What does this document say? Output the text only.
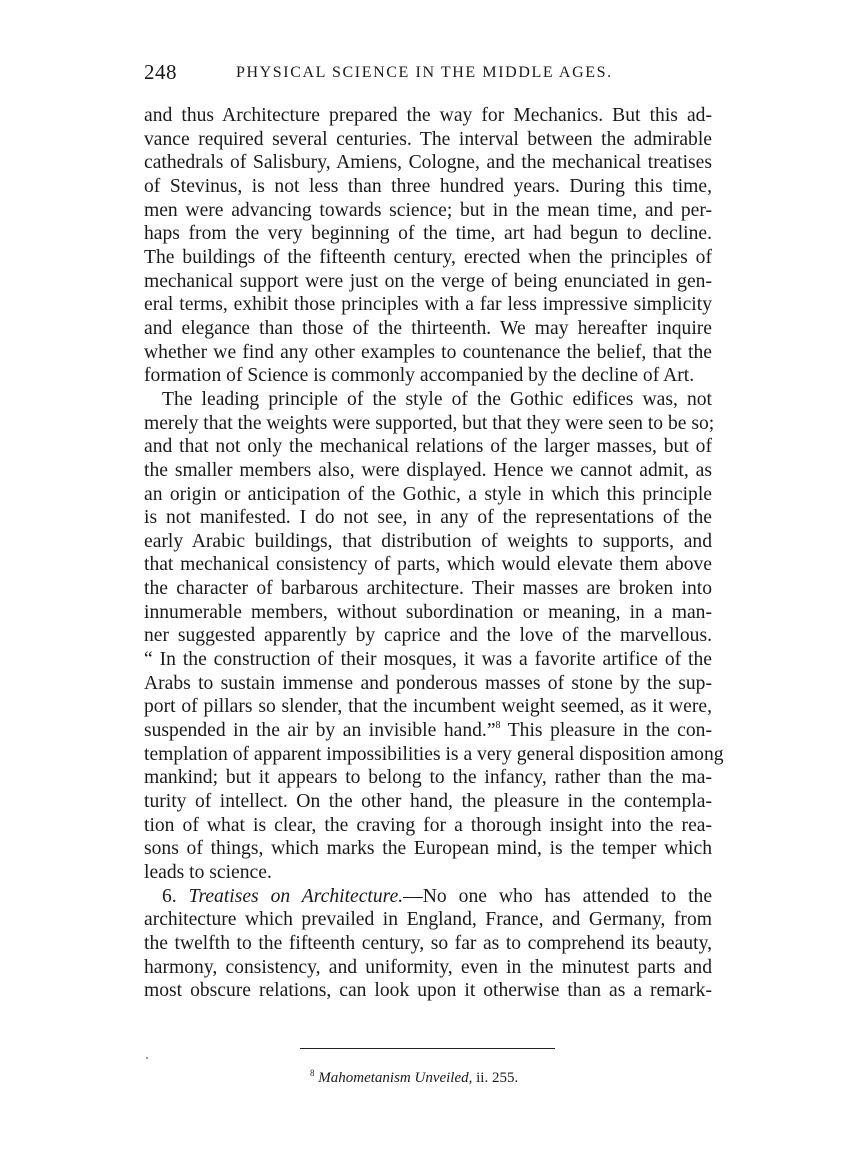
248	PHYSICAL SCIENCE IN THE MIDDLE AGES.
and thus Architecture prepared the way for Mechanics. But this ad-
vance required several centuries. The interval between the admirable
cathedrals of Salisbury, Amiens, Cologne, and the mechanical treatises
of Stevinus, is not less than three hundred years. During this time,
men were advancing towards science; but in the mean time, and per-
haps from the very beginning of the time, art had begun to decline.
The buildings of the fifteenth century, erected when the principles of
mechanical support were just on the verge of being enunciated in gen-
eral terms, exhibit those principles with a far less impressive simplicity
and elegance than those of the thirteenth. We may hereafter inquire
whether we find any other examples to countenance the belief, that the
formation of Science is commonly accompanied by the decline of Art.
The leading principle of the style of the Gothic edifices was, not
merely that the weights were supported, but that they were seen to be so;
and that not only the mechanical relations of the larger masses, but of
the smaller members also, were displayed. Hence we cannot admit, as
an origin or anticipation of the Gothic, a style in which this principle
is not manifested. I do not see, in any of the representations of the
early Arabic buildings, that distribution of weights to supports, and
that mechanical consistency of parts, which would elevate them above
the character of barbarous architecture. Their masses are broken into
innumerable members, without subordination or meaning, in a man-
ner suggested apparently by caprice and the love of the marvellous.
“ In the construction of their mosques, it was a favorite artifice of the
Arabs to sustain immense and ponderous masses of stone by the sup-
port of pillars so slender, that the incumbent weight seemed, as it were,
suspended in the air by an invisible hand.”$^8$ This pleasure in the con-
templation of apparent impossibilities is a very general disposition among
mankind; but it appears to belong to the infancy, rather than the ma-
turity of intellect. On the other hand, the pleasure in the contempla-
tion of what is clear, the craving for a thorough insight into the rea-
sons of things, which marks the European mind, is the temper which
leads to science.
6. Treatises on Architecture.—No one who has attended to the
architecture which prevailed in England, France, and Germany, from
the twelfth to the fifteenth century, so far as to comprehend its beauty,
harmony, consistency, and uniformity, even in the minutest parts and
most obscure relations, can look upon it otherwise than as a remark-
$^8$ Mahometanism Unveiled, ii. 255.
